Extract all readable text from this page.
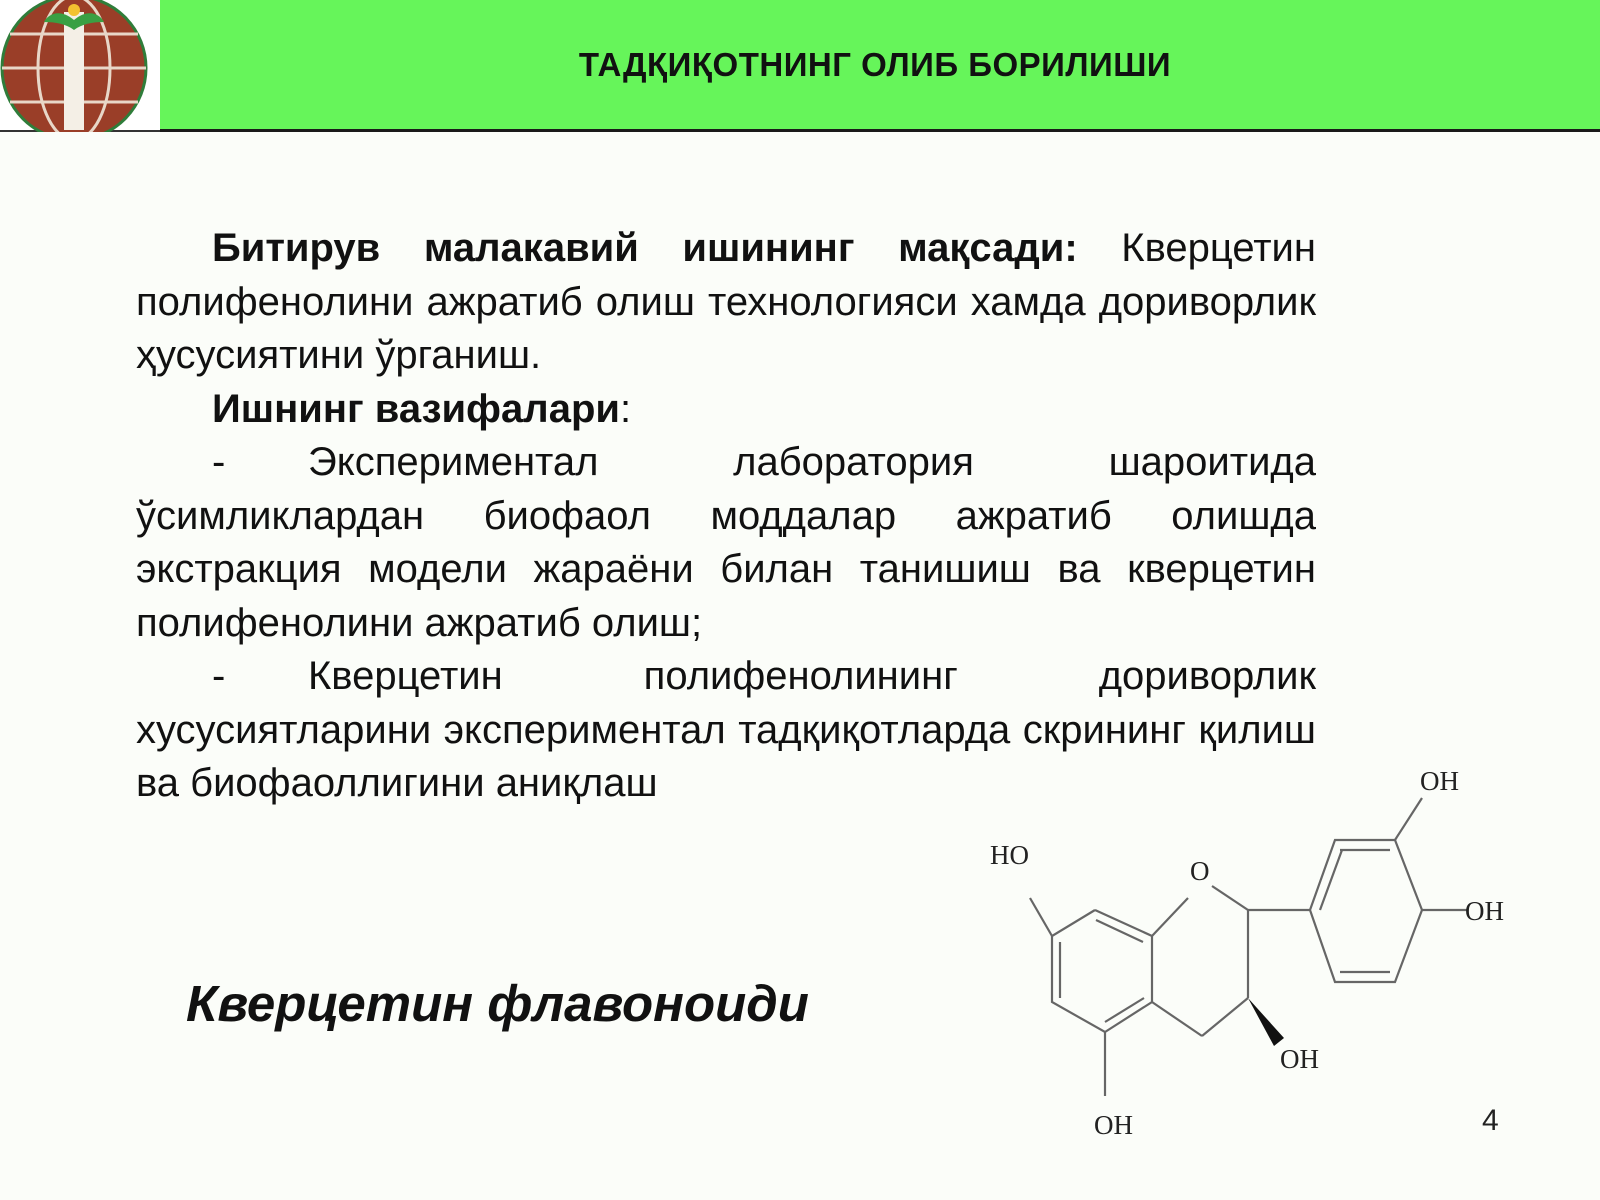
ТАДҚИҚОТНИНГ ОЛИБ БОРИЛИШИ

Битирув малакавий ишининг мақсади: Кверцетин полифенолини ажратиб олиш технологияси хамда дориворлик ҳусусиятини ўрганиш.

Ишнинг вазифалари:

- Экспериментал лаборатория шароитида ўсимликлардан биофаол моддалар ажратиб олишда экстракция модели жараёни билан танишиш ва кверцетин полифенолини ажратиб олиш;

- Кверцетин полифенолининг дориворлик хусусиятларини экспериментал тадқиқотларда скрининг қилиш ва биофаоллигини аниқлаш

Кверцетин флавоноиди
OH
OH
HO
O
OH
OH	4
